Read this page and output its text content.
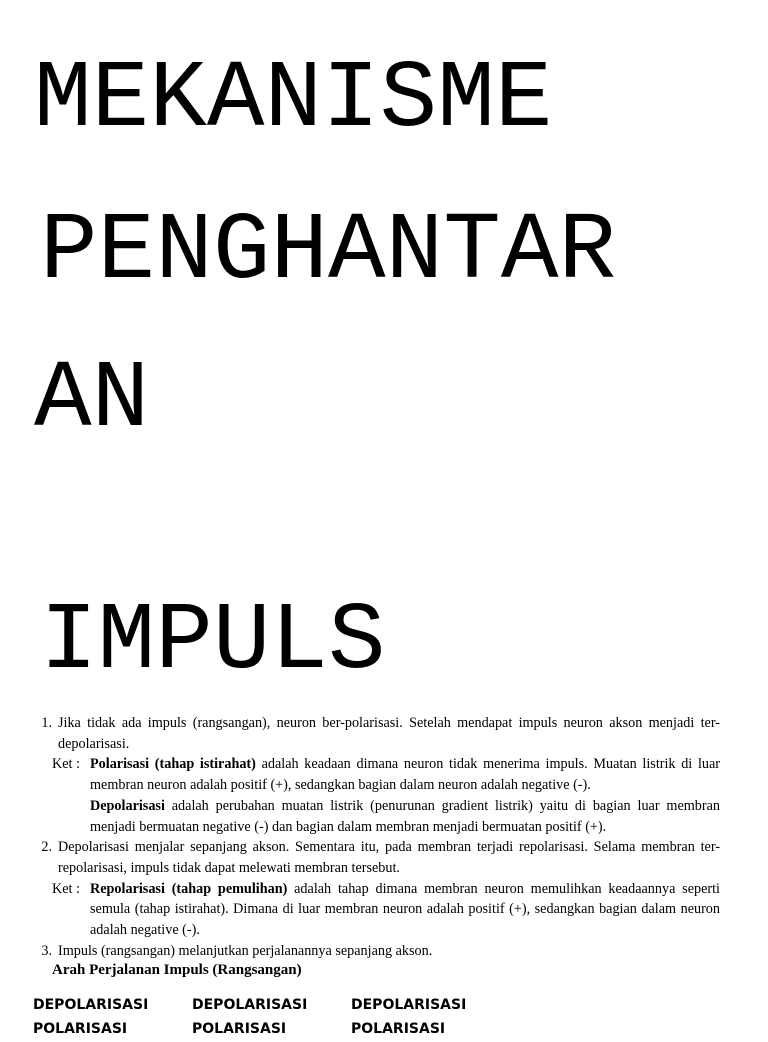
MEKANISME
PENGHANTAR
AN
IMPULS
1. Jika tidak ada impuls (rangsangan), neuron ber-polarisasi. Setelah mendapat impuls neuron akson menjadi ter-depolarisasi.
Ket : Polarisasi (tahap istirahat) adalah keadaan dimana neuron tidak menerima impuls. Muatan listrik di luar membran neuron adalah positif (+), sedangkan bagian dalam neuron adalah negative (-).
Depolarisasi adalah perubahan muatan listrik (penurunan gradient listrik) yaitu di bagian luar membran menjadi bermuatan negative (-) dan bagian dalam membran menjadi bermuatan positif (+).
2. Depolarisasi menjalar sepanjang akson. Sementara itu, pada membran terjadi repolarisasi. Selama membran ter-repolarisasi, impuls tidak dapat melewati membran tersebut.
Ket : Repolarisasi (tahap pemulihan) adalah tahap dimana membran neuron memulihkan keadaannya seperti semula (tahap istirahat). Dimana di luar membran neuron adalah positif (+), sedangkan bagian dalam neuron adalah negative (-).
3. Impuls (rangsangan) melanjutkan perjalanannya sepanjang akson.
Arah Perjalanan Impuls (Rangsangan)
DEPOLARISASI	DEPOLARISASI	DEPOLARISASI
POLARISASI	POLARISASI	POLARISASI
